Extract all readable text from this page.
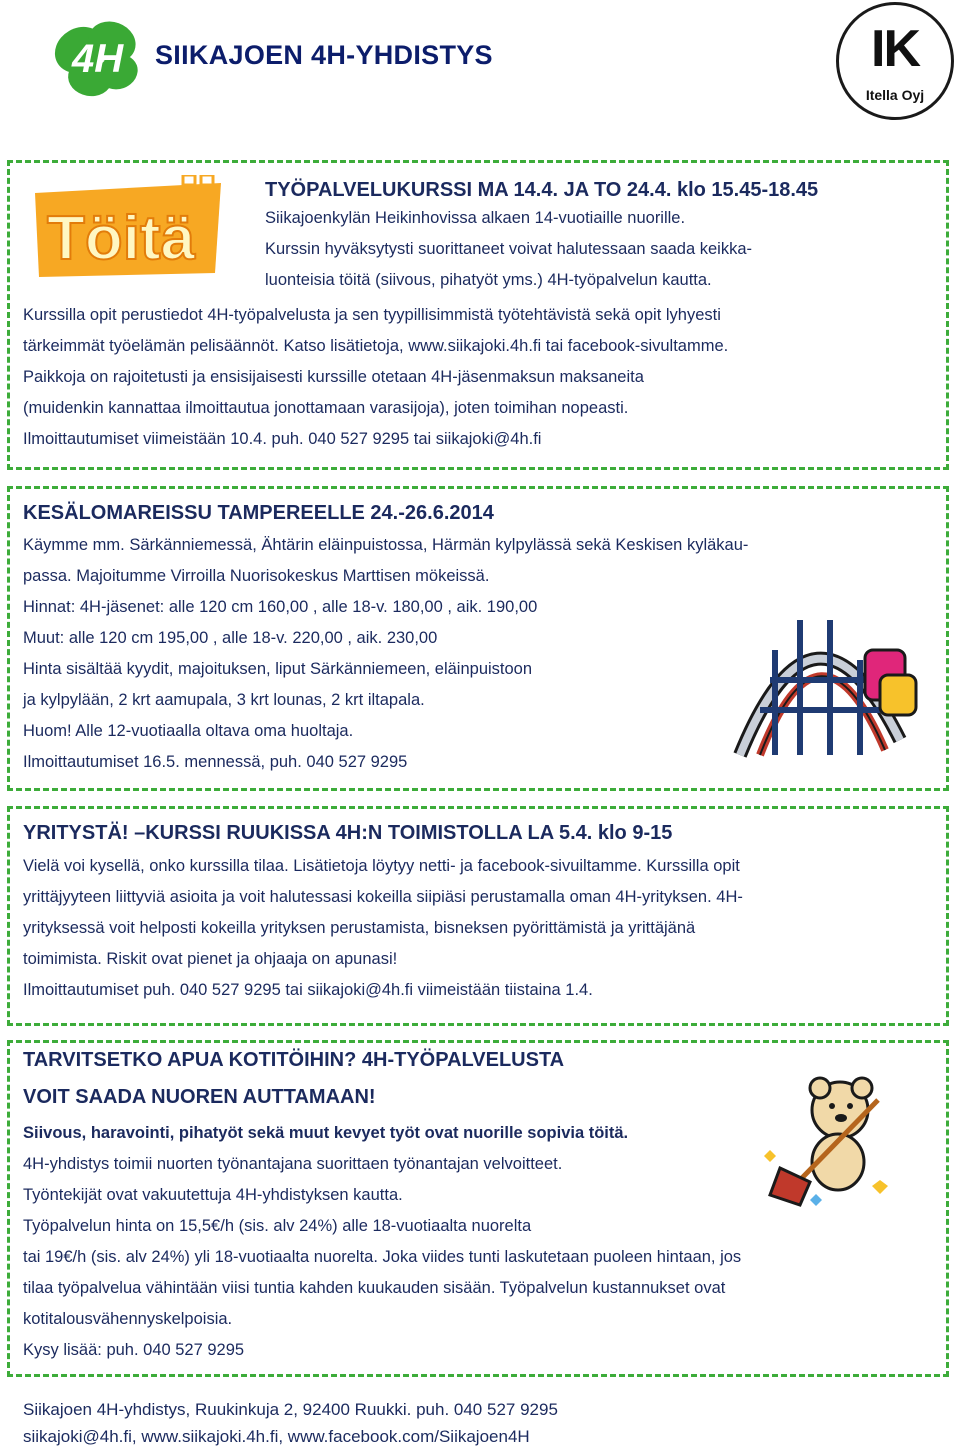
4H SIIKAJOEN 4H-YHDISTYS	IK
Itella Oyj
Töitä
TYÖPALVELUKURSSI MA 14.4. JA TO 24.4. klo 15.45-18.45
Siikajoenkylän Heikinhovissa alkaen 14-vuotiaille nuorille.
Kurssin hyväksytysti suorittaneet voivat halutessaan saada keikka-
luonteisia töitä (siivous, pihatyöt yms.) 4H-työpalvelun kautta.
Kurssilla opit perustiedot 4H-työpalvelusta ja sen tyypillisimmistä työtehtävistä sekä opit lyhyesti
tärkeimmät työelämän pelisäännöt. Katso lisätietoja, www.siikajoki.4h.fi tai facebook-sivultamme.
Paikkoja on rajoitetusti ja ensisijaisesti kurssille otetaan 4H-jäsenmaksun maksaneita
(muidenkin kannattaa ilmoittautua jonottamaan varasijoja), joten toimihan nopeasti.
Ilmoittautumiset viimeistään 10.4. puh. 040 527 9295 tai siikajoki@4h.fi
KESÄLOMAREISSU TAMPEREELLE 24.-26.6.2014
Käymme mm. Särkänniemessä, Ähtärin eläinpuistossa, Härmän kylpylässä sekä Keskisen kyläkau-
passa. Majoitumme Virroilla Nuorisokeskus Marttisen mökeissä.
Hinnat: 4H-jäsenet: alle 120 cm 160,00 , alle 18-v. 180,00 , aik. 190,00
Muut: alle 120 cm 195,00 , alle 18-v. 220,00 , aik. 230,00
Hinta sisältää kyydit, majoituksen, liput Särkänniemeen, eläinpuistoon
ja kylpylään, 2 krt aamupala, 3 krt lounas, 2 krt iltapala.
Huom! Alle 12-vuotiaalla oltava oma huoltaja.
Ilmoittautumiset 16.5. mennessä, puh. 040 527 9295
YRITYSTÄ! –KURSSI RUUKISSA 4H:N TOIMISTOLLA LA 5.4. klo 9-15
Vielä voi kysellä, onko kurssilla tilaa. Lisätietoja löytyy netti- ja facebook-sivuiltamme. Kurssilla opit
yrittäjyyteen liittyviä asioita ja voit halutessasi kokeilla siipiäsi perustamalla oman 4H-yrityksen. 4H-
yrityksessä voit helposti kokeilla yrityksen perustamista, bisneksen pyörittämistä ja yrittäjänä
toimimista. Riskit ovat pienet ja ohjaaja on apunasi!
Ilmoittautumiset puh. 040 527 9295 tai siikajoki@4h.fi viimeistään tiistaina 1.4.
TARVITSETKO APUA KOTITÖIHIN? 4H-TYÖPALVELUSTA
VOIT SAADA NUOREN AUTTAMAAN!
Siivous, haravointi, pihatyöt sekä muut kevyet työt ovat nuorille sopivia töitä.
4H-yhdistys toimii nuorten työnantajana suorittaen työnantajan velvoitteet.
Työntekijät ovat vakuutettuja 4H-yhdistyksen kautta.
Työpalvelun hinta on 15,5€/h (sis. alv 24%) alle 18-vuotiaalta nuorelta
tai 19€/h (sis. alv 24%) yli 18-vuotiaalta nuorelta. Joka viides tunti laskutetaan puoleen hintaan, jos
tilaa työpalvelua vähintään viisi tuntia kahden kuukauden sisään. Työpalvelun kustannukset ovat
kotitalousvähennyskelpoisia.
Kysy lisää: puh. 040 527 9295
Siikajoen 4H-yhdistys, Ruukinkuja 2, 92400 Ruukki. puh. 040 527 9295
siikajoki@4h.fi, www.siikajoki.4h.fi, www.facebook.com/Siikajoen4H
